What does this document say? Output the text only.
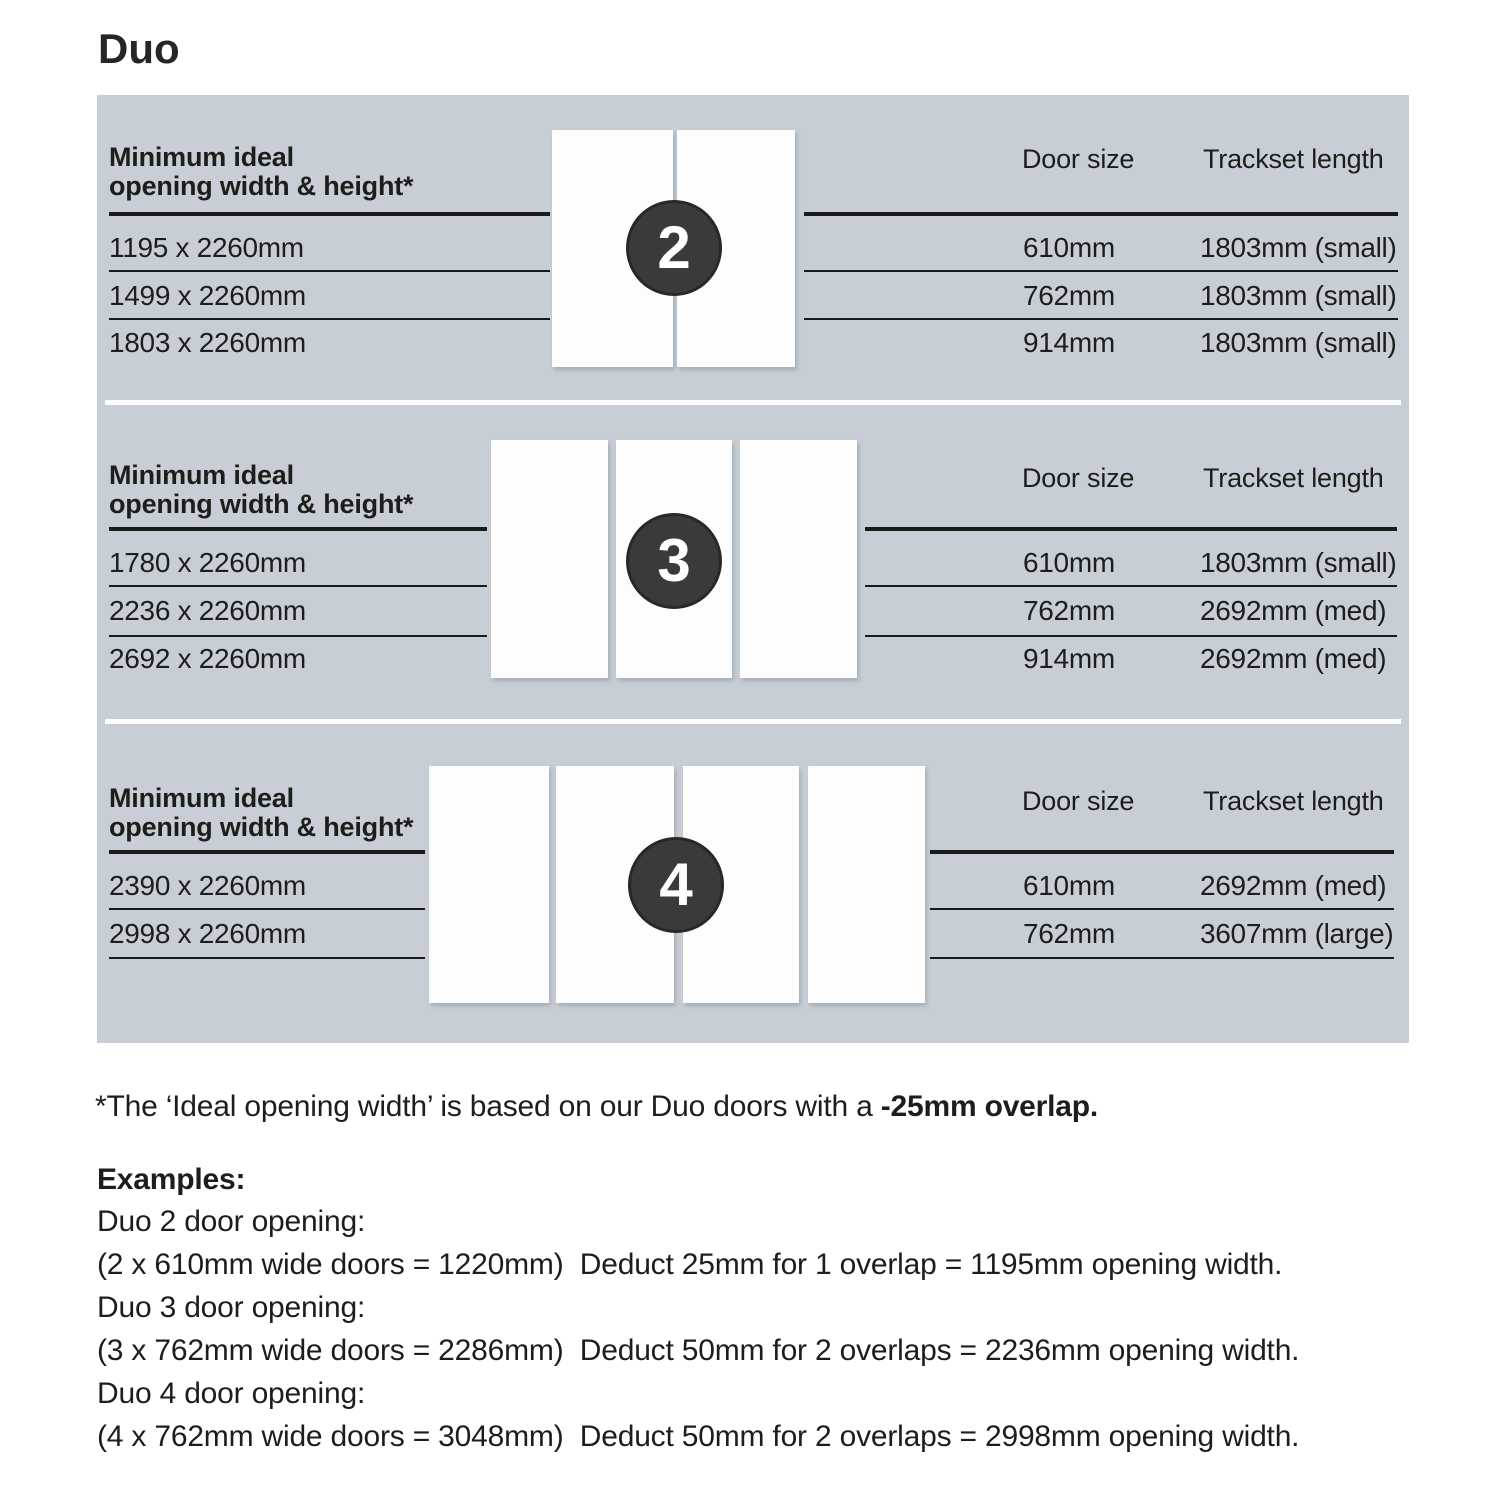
Duo
Minimum ideal
opening width & height*
Door size	Trackset length
1195 x 2260mm	610mm	1803mm (small)
1499 x 2260mm	762mm	1803mm (small)
1803 x 2260mm	914mm	1803mm (small)
2
Minimum ideal
opening width & height*
Door size	Trackset length
1780 x 2260mm	610mm	1803mm (small)
2236 x 2260mm	762mm	2692mm (med)
2692 x 2260mm	914mm	2692mm (med)
3
Minimum ideal
opening width & height*
Door size	Trackset length
2390 x 2260mm	610mm	2692mm (med)
2998 x 2260mm	762mm	3607mm (large)
4
*The ‘Ideal opening width’ is based on our Duo doors with a -25mm overlap.
Examples:
Duo 2 door opening:
(2 x 610mm wide doors = 1220mm)  Deduct 25mm for 1 overlap = 1195mm opening width.
Duo 3 door opening:
(3 x 762mm wide doors = 2286mm)  Deduct 50mm for 2 overlaps = 2236mm opening width.
Duo 4 door opening:
(4 x 762mm wide doors = 3048mm)  Deduct 50mm for 2 overlaps = 2998mm opening width.
